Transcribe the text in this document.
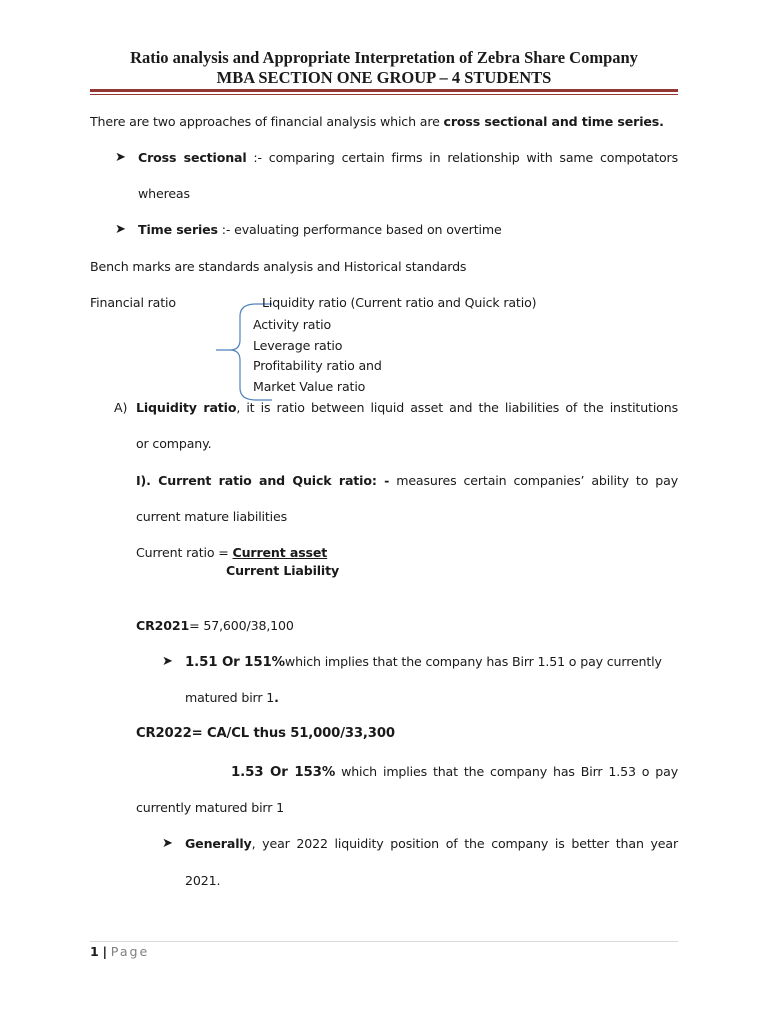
Ratio analysis and Appropriate Interpretation of Zebra Share Company
MBA SECTION ONE GROUP – 4 STUDENTS
There are two approaches of financial analysis which are cross sectional and time series.
➤ Cross sectional :- comparing certain firms in relationship with same compotators
whereas
➤ Time series :- evaluating performance based on overtime
Bench marks are standards analysis and Historical standards
Financial ratio	Liquidity ratio (Current ratio and Quick ratio)
Activity ratio
Leverage ratio
Profitability ratio and
Market Value ratio
A) Liquidity ratio, it is ratio between liquid asset and the liabilities of the institutions
or company.
I). Current ratio and Quick ratio: - measures certain companies’ ability to pay
current mature liabilities
Current ratio = Current asset
Current Liability
CR2021= 57,600/38,100
➤ 1.51 Or 151%which implies that the company has Birr 1.51 o pay currently
matured birr 1.
CR2022= CA/CL thus 51,000/33,300
1.53 Or 153% which implies that the company has Birr 1.53 o pay
currently matured birr 1
➤ Generally, year 2022 liquidity position of the company is better than year
2021.
1 | Page
